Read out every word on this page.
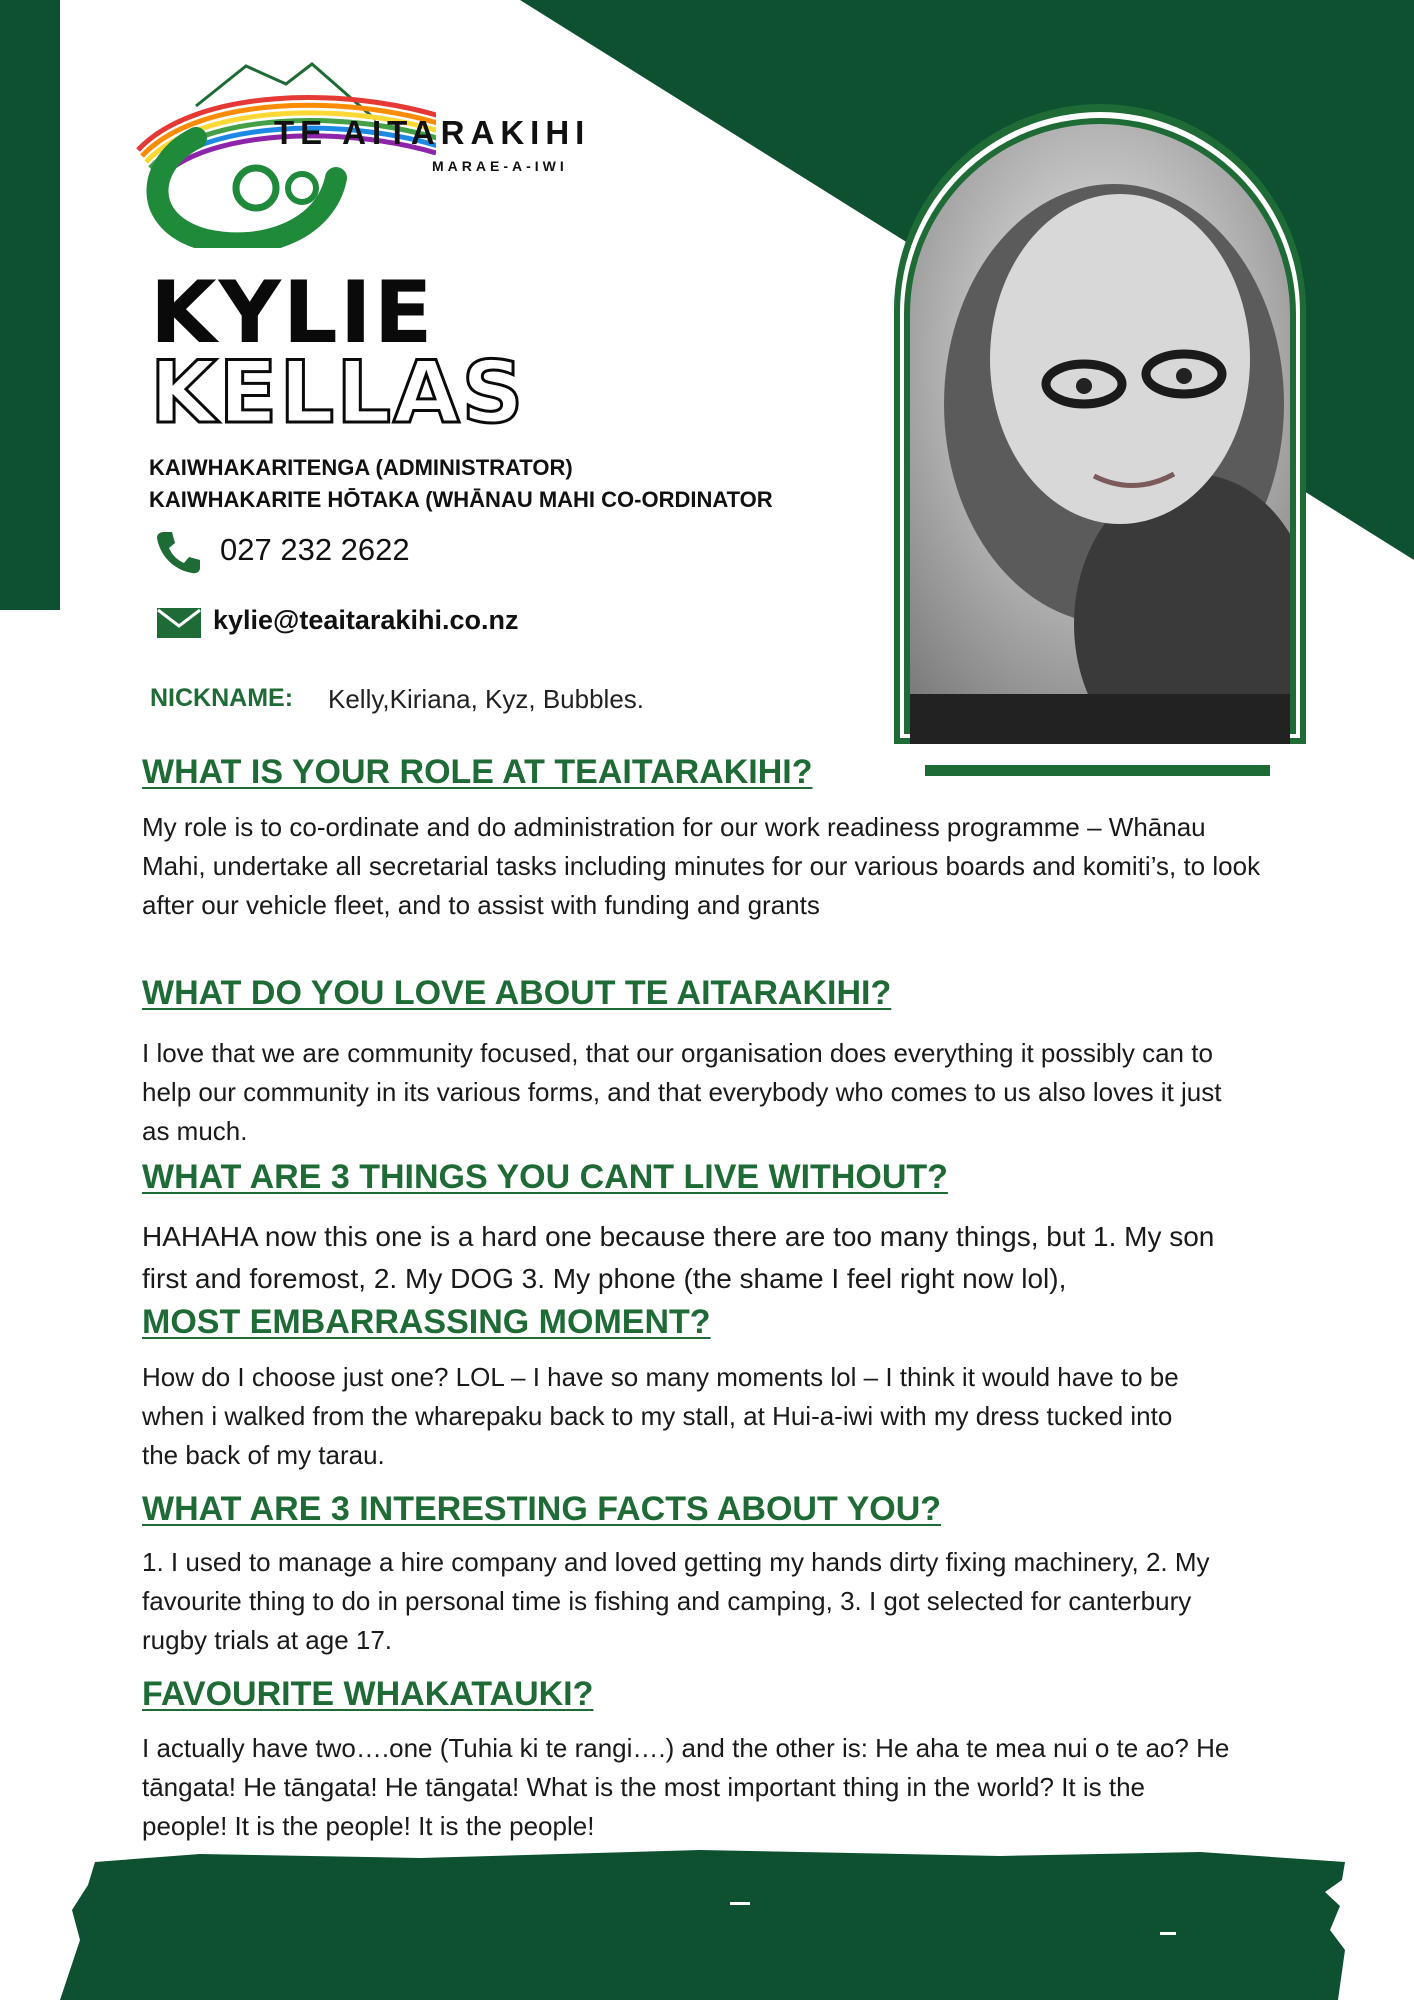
TE AITARAKIHI
MARAE-A-IWI
KYLIE
KELLAS
KAIWHAKARITENGA (ADMINISTRATOR)
KAIWHAKARITE HŌTAKA (WHĀNAU MAHI CO-ORDINATOR
027 232 2622
kylie@teaitarakihi.co.nz
NICKNAME: Kelly,Kiriana, Kyz, Bubbles.
WHAT IS YOUR ROLE AT TEAITARAKIHI?
My role is to co-ordinate and do administration for our work readiness programme – Whānau
Mahi, undertake all secretarial tasks including minutes for our various boards and komiti’s, to look
after our vehicle fleet, and to assist with funding and grants
WHAT DO YOU LOVE ABOUT TE AITARAKIHI?
I love that we are community focused, that our organisation does everything it possibly can to
help our community in its various forms, and that everybody who comes to us also loves it just
as much.
WHAT ARE 3 THINGS YOU CANT LIVE WITHOUT?
HAHAHA now this one is a hard one because there are too many things, but 1. My son
first and foremost, 2. My DOG 3. My phone (the shame I feel right now lol),
MOST EMBARRASSING MOMENT?
How do I choose just one? LOL – I have so many moments lol – I think it would have to be
when i walked from the wharepaku back to my stall, at Hui-a-iwi with my dress tucked into
the back of my tarau.
WHAT ARE 3 INTERESTING FACTS ABOUT YOU?
1. I used to manage a hire company and loved getting my hands dirty fixing machinery, 2. My
favourite thing to do in personal time is fishing and camping, 3. I got selected for canterbury
rugby trials at age 17.
FAVOURITE WHAKATAUKI?
I actually have two….one (Tuhia ki te rangi….) and the other is: He aha te mea nui o te ao? He
tāngata! He tāngata! He tāngata! What is the most important thing in the world? It is the
people! It is the people! It is the people!
